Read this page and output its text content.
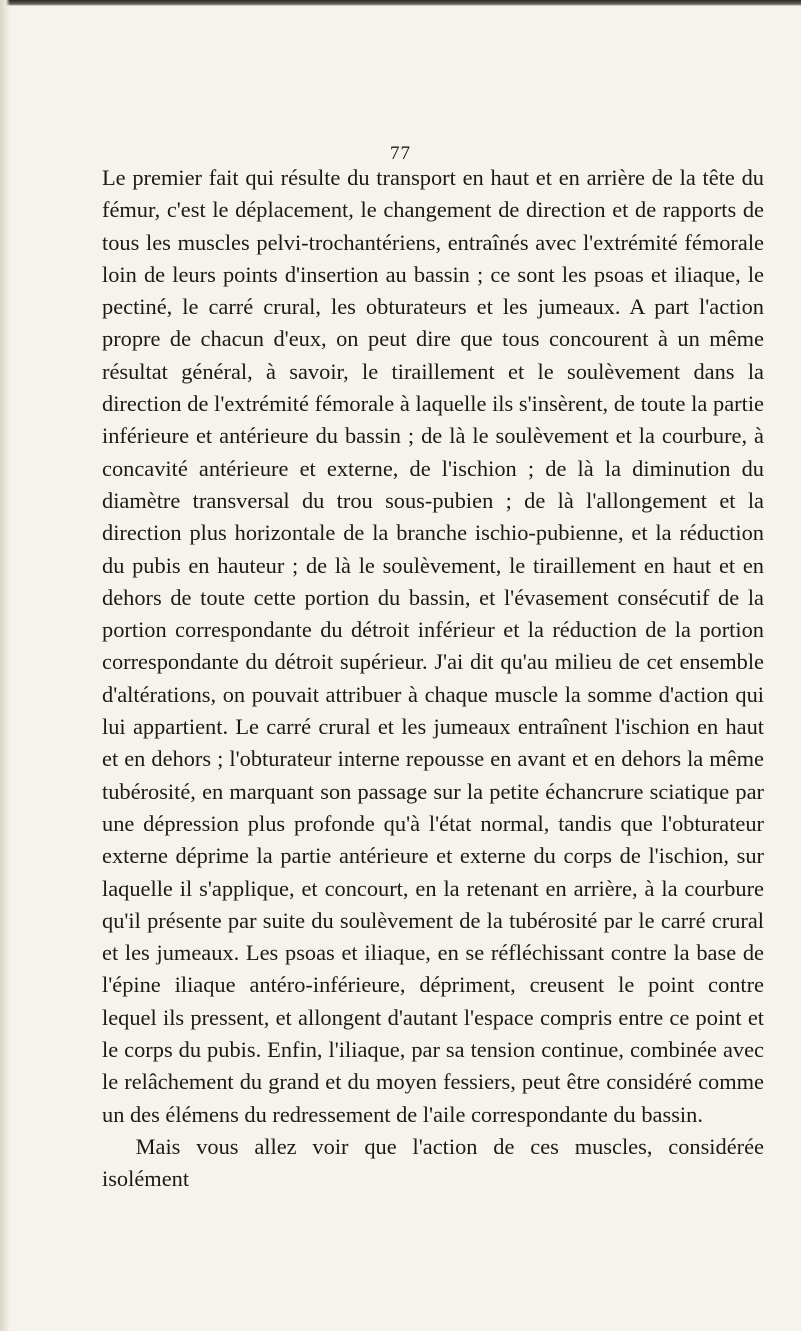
77

Le premier fait qui résulte du transport en haut et en arrière de la tête du fémur, c'est le déplacement, le changement de direction et de rapports de tous les muscles pelvi-trochantériens, entraînés avec l'extrémité fémorale loin de leurs points d'insertion au bassin ; ce sont les psoas et iliaque, le pectiné, le carré crural, les obturateurs et les jumeaux. A part l'action propre de chacun d'eux, on peut dire que tous concourent à un même résultat général, à savoir, le tiraillement et le soulèvement dans la direction de l'extrémité fémorale à laquelle ils s'insèrent, de toute la partie inférieure et antérieure du bassin ; de là le soulèvement et la courbure, à concavité antérieure et externe, de l'ischion ; de là la diminution du diamètre transversal du trou sous-pubien ; de là l'allongement et la direction plus horizontale de la branche ischio-pubienne, et la réduction du pubis en hauteur ; de là le soulèvement, le tiraillement en haut et en dehors de toute cette portion du bassin, et l'évasement consécutif de la portion correspondante du détroit inférieur et la réduction de la portion correspondante du détroit supérieur. J'ai dit qu'au milieu de cet ensemble d'altérations, on pouvait attribuer à chaque muscle la somme d'action qui lui appartient. Le carré crural et les jumeaux entraînent l'ischion en haut et en dehors ; l'obturateur interne repousse en avant et en dehors la même tubérosité, en marquant son passage sur la petite échancrure sciatique par une dépression plus profonde qu'à l'état normal, tandis que l'obturateur externe déprime la partie antérieure et externe du corps de l'ischion, sur laquelle il s'applique, et concourt, en la retenant en arrière, à la courbure qu'il présente par suite du soulèvement de la tubérosité par le carré crural et les jumeaux. Les psoas et iliaque, en se réfléchissant contre la base de l'épine iliaque antéro-inférieure, dépriment, creusent le point contre lequel ils pressent, et allongent d'autant l'espace compris entre ce point et le corps du pubis. Enfin, l'iliaque, par sa tension continue, combinée avec le relâchement du grand et du moyen fessiers, peut être considéré comme un des élémens du redressement de l'aile correspondante du bassin.

Mais vous allez voir que l'action de ces muscles, considérée isolément
